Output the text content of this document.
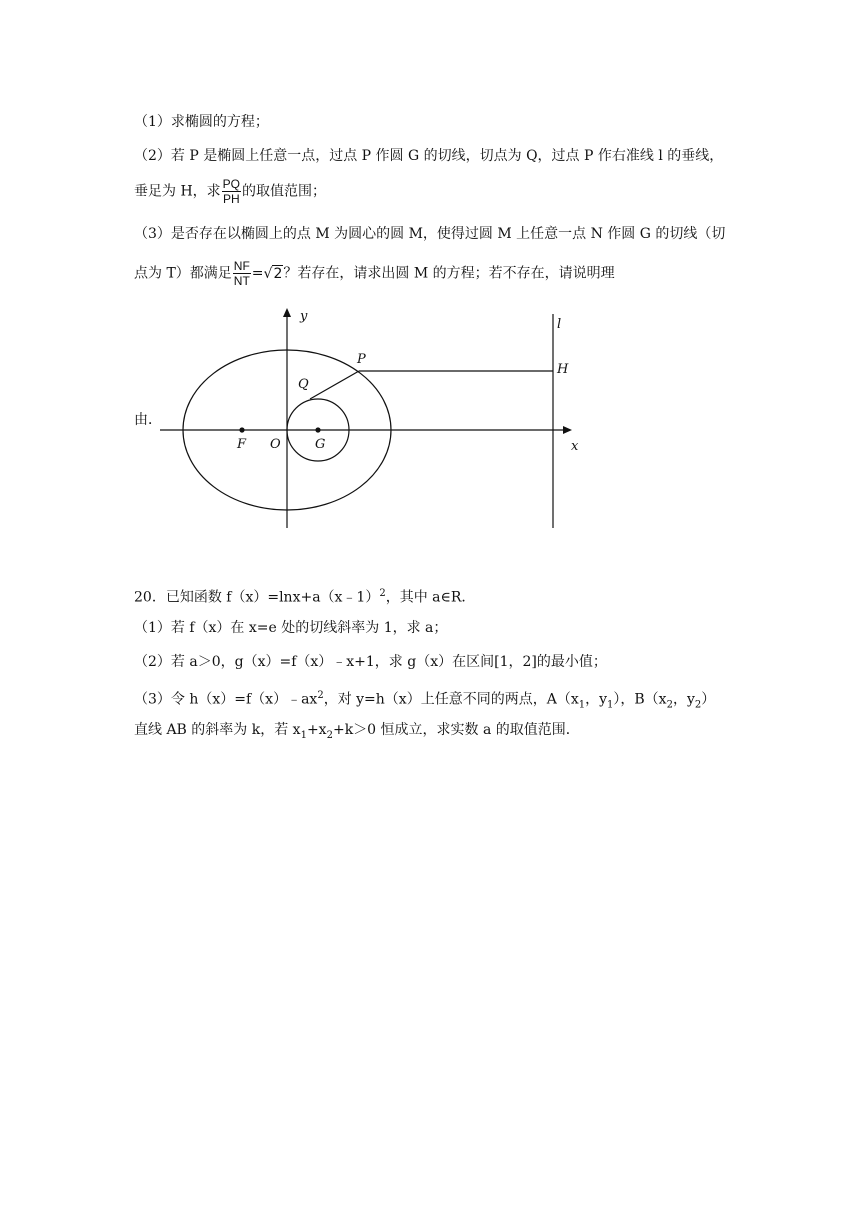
（1）求椭圆的方程；
（2）若 P 是椭圆上任意一点，过点 P 作圆 G 的切线，切点为 Q，过点 P 作右准线 l 的垂线，
垂足为 H，求 $\frac{PQ}{PH}$ 的取值范围；
（3）是否存在以椭圆上的点 M 为圆心的圆 M，使得过圆 M 上任意一点 N 作圆 G 的切线（切
点为 T）都满足 $\frac{NF}{NT} =√2$？若存在，请求出圆 M 的方程；若不存在，请说明理
由．
y
x
l
P
Q
H
F O	G
20．已知函数 f（x）=lnx+a（x﹣1）$^2$，其中 a∈R．
（1）若 f（x）在 x=e 处的切线斜率为 1，求 a；
（2）若 a＞0，g（x）=f（x）﹣x+1，求 g（x）在区间[1，2]的最小值；
（3）令 $h(x)=f(x)﹣ax^2$，对 y=h（x）上任意不同的两点，$A(x_1$，$y_1$），$B(x_2$，$y_2$）
直线 AB 的斜率为 k，若 $x_1+x_2+k>0$ 恒成立，求实数 a 的取值范围．
